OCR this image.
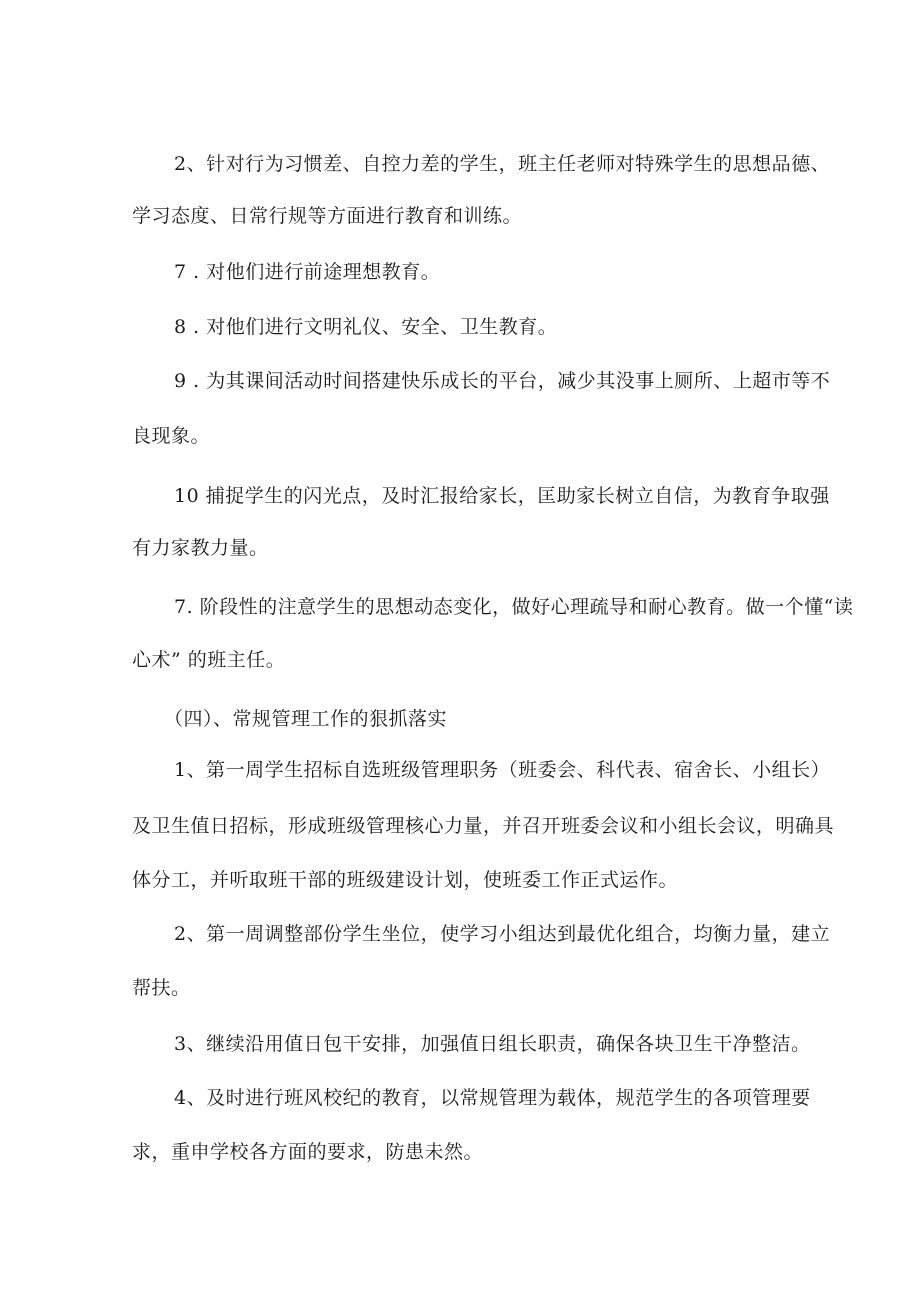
2、针对行为习惯差、自控力差的学生，班主任老师对特殊学生的思想品德、
学习态度、日常行规等方面进行教育和训练。
7 . 对他们进行前途理想教育。
8 . 对他们进行文明礼仪、安全、卫生教育。
9 . 为其课间活动时间搭建快乐成长的平台，减少其没事上厕所、上超市等不
良现象。
10 捕捉学生的闪光点，及时汇报给家长，匡助家长树立自信，为教育争取强
有力家教力量。
7. 阶段性的注意学生的思想动态变化，做好心理疏导和耐心教育。做一个懂“读
心术” 的班主任。
（四）、常规管理工作的狠抓落实
1、第一周学生招标自选班级管理职务（班委会、科代表、宿舍长、小组长）
及卫生值日招标，形成班级管理核心力量，并召开班委会议和小组长会议，明确具
体分工，并听取班干部的班级建设计划，使班委工作正式运作。
2、第一周调整部份学生坐位，使学习小组达到最优化组合，均衡力量，建立
帮扶。
3、继续沿用值日包干安排，加强值日组长职责，确保各块卫生干净整洁。
4、及时进行班风校纪的教育，以常规管理为载体，规范学生的各项管理要
求，重申学校各方面的要求，防患未然。
